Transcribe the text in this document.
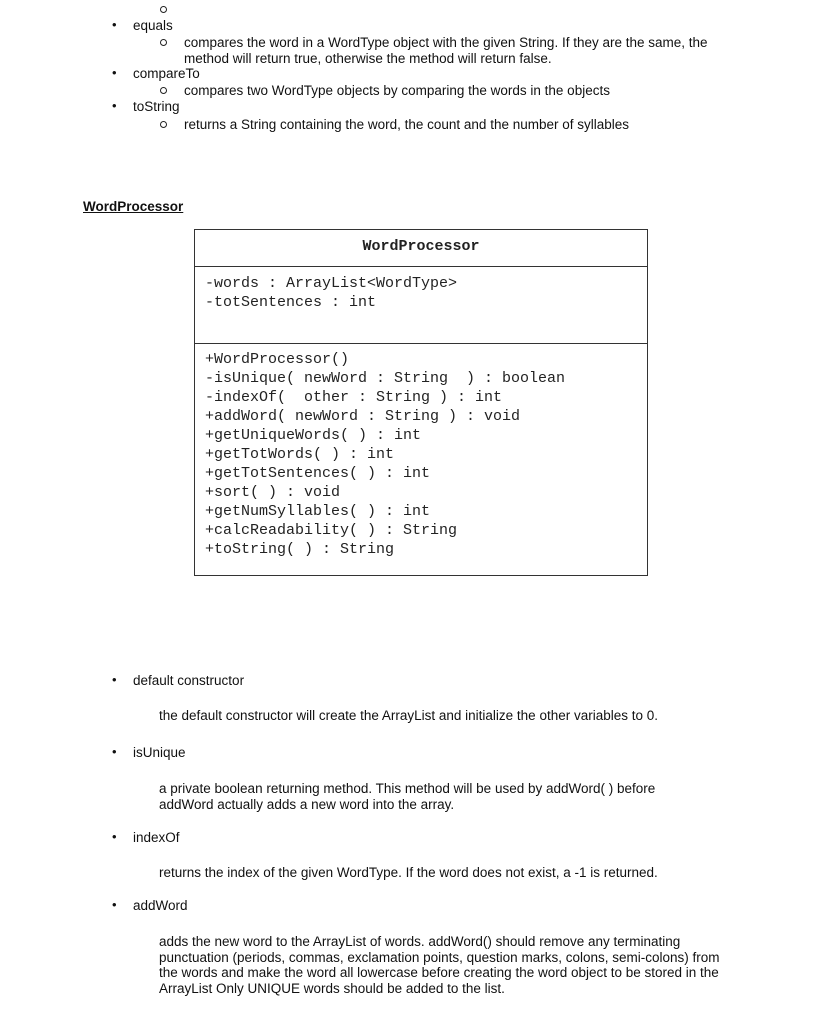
• equals
compares the word in a WordType object with the given String. If they are the same, the method will return true, otherwise the method will return false.
• compareTo
compares two WordType objects by comparing the words in the objects
• toString
returns a String containing the word, the count and the number of syllables
WordProcessor
WordProcessor
-words : ArrayList<WordType>
-totSentences : int
+WordProcessor()
-isUnique( newWord : String  ) : boolean
-indexOf(  other : String ) : int
+addWord( newWord : String ) : void
+getUniqueWords( ) : int
+getTotWords( ) : int
+getTotSentences( ) : int
+sort( ) : void
+getNumSyllables( ) : int
+calcReadability( ) : String
+toString( ) : String
• default constructor
the default constructor will create the ArrayList and initialize the other variables to 0.
• isUnique
a private boolean returning method. This method will be used by addWord( ) before addWord actually adds a new word into the array.
• indexOf
returns the index of the given WordType. If the word does not exist, a -1 is returned.
• addWord
adds the new word to the ArrayList of words. addWord() should remove any terminating punctuation (periods, commas, exclamation points, question marks, colons, semi-colons) from the words and make the word all lowercase before creating the word object to be stored in the ArrayList Only UNIQUE words should be added to the list.
